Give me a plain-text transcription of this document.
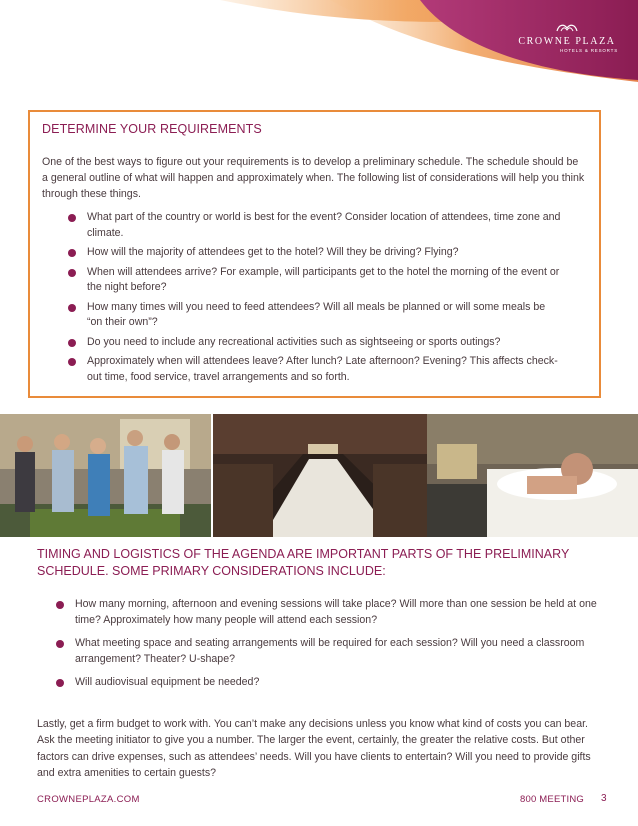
CROWNE PLAZA
HOTELS & RESORTS
DETERMINE YOUR REQUIREMENTS
One of the best ways to figure out your requirements is to develop a preliminary schedule. The schedule should be a general outline of what will happen and approximately when. The following list of considerations will help you think through these things.
What part of the country or world is best for the event? Consider location of attendees, time zone and climate.
How will the majority of attendees get to the hotel? Will they be driving? Flying?
When will attendees arrive? For example, will participants get to the hotel the morning of the event or the night before?
How many times will you need to feed attendees? Will all meals be planned or will some meals be “on their own”?
Do you need to include any recreational activities such as sightseeing or sports outings?
Approximately when will attendees leave? After lunch? Late afternoon? Evening? This affects check-out time, food service, travel arrangements and so forth.
TIMING AND LOGISTICS OF THE AGENDA ARE IMPORTANT PARTS OF THE PRELIMINARY SCHEDULE. SOME PRIMARY CONSIDERATIONS INCLUDE:
How many morning, afternoon and evening sessions will take place? Will more than one session be held at one time? Approximately how many people will attend each session?
What meeting space and seating arrangements will be required for each session? Will you need a classroom arrangement? Theater? U-shape?
Will audiovisual equipment be needed?
Lastly, get a firm budget to work with. You can’t make any decisions unless you know what kind of costs you can bear. Ask the meeting initiator to give you a number. The larger the event, certainly, the greater the relative costs. But other factors can drive expenses, such as attendees’ needs. Will you have clients to entertain? Will you need to provide gifts and extra amenities to certain guests?
CROWNEPLAZA.COM	800 MEETING 3
